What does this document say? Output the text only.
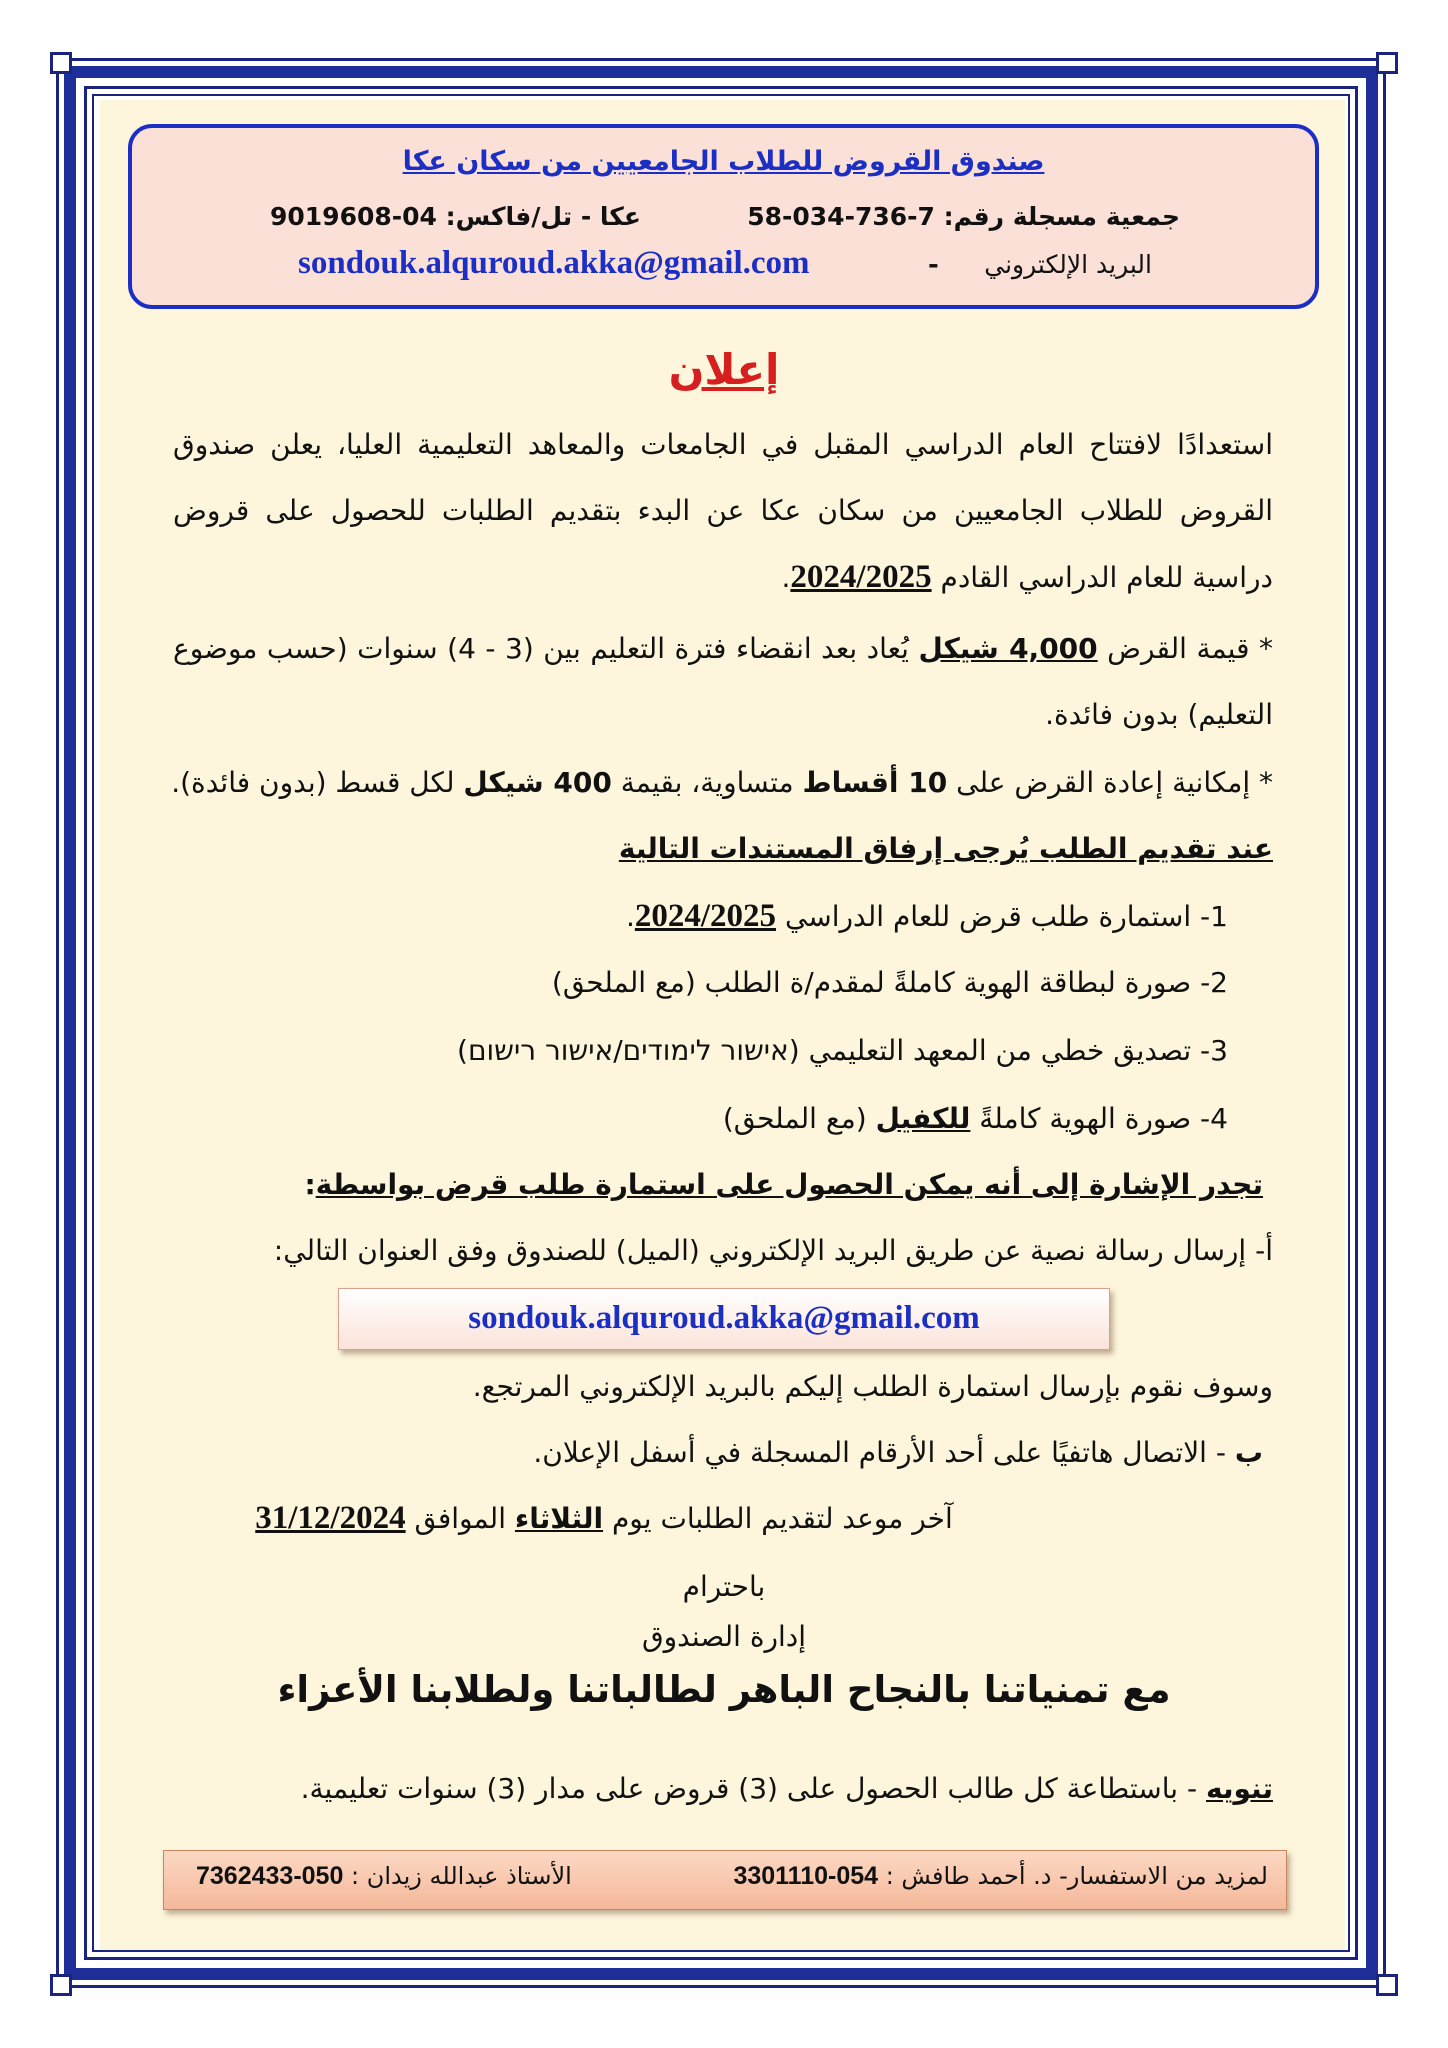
صندوق القروض للطلاب الجامعيين من سكان عكا
جمعية مسجلة رقم: 7-736-034-58
عكا - تل/فاكس: 04-9019608
البريد الإلكتروني
-
sondouk.alquroud.akka@gmail.com
إعلان
استعدادًا لافتتاح العام الدراسي المقبل في الجامعات والمعاهد التعليمية العليا، يعلن صندوق القروض للطلاب الجامعيين من سكان عكا عن البدء بتقديم الطلبات للحصول على قروض دراسية للعام الدراسي القادم 2024/2025.
* قيمة القرض 4,000 شيكل يُعاد بعد انقضاء فترة التعليم بين (3 - 4) سنوات (حسب موضوع التعليم) بدون فائدة.
* إمكانية إعادة القرض على 10 أقساط متساوية، بقيمة 400 شيكل لكل قسط (بدون فائدة).
عند تقديم الطلب يُرجى إرفاق المستندات التالية
1- استمارة طلب قرض للعام الدراسي 2024/2025.
2- صورة لبطاقة الهوية كاملةً لمقدم/ة الطلب (مع الملحق)
3- تصديق خطي من المعهد التعليمي (אישור לימודים/אישור רישום)
4- صورة الهوية كاملةً للكفيل (مع الملحق)
تجدر الإشارة إلى أنه يمكن الحصول على استمارة طلب قرض بواسطة:
أ- إرسال رسالة نصية عن طريق البريد الإلكتروني (الميل) للصندوق وفق العنوان التالي:
sondouk.alquroud.akka@gmail.com
وسوف نقوم بإرسال استمارة الطلب إليكم بالبريد الإلكتروني المرتجع.
ب - الاتصال هاتفيًا على أحد الأرقام المسجلة في أسفل الإعلان.
آخر موعد لتقديم الطلبات يوم الثلاثاء الموافق 31/12/2024
باحترام
إدارة الصندوق
مع تمنياتنا بالنجاح الباهر لطالباتنا ولطلابنا الأعزاء
تنويه - باستطاعة كل طالب الحصول على (3) قروض على مدار (3) سنوات تعليمية.
لمزيد من الاستفسار- د. أحمد طافش : 054-3301110
الأستاذ عبدالله زيدان : 050-7362433
